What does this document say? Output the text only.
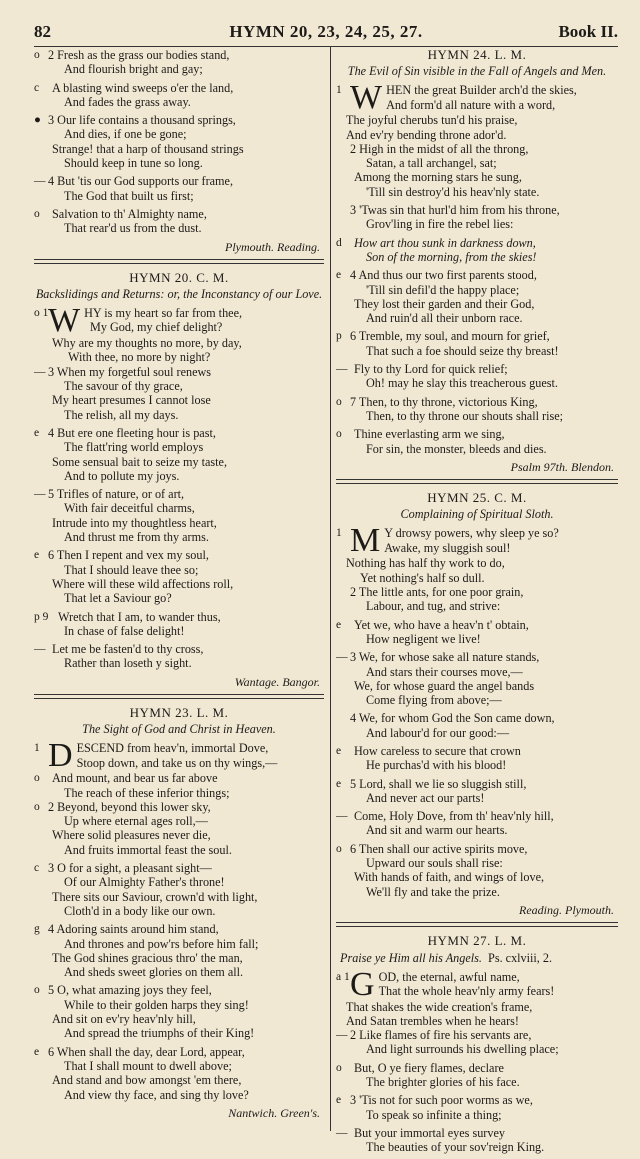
82	HYMN 20, 23, 24, 25, 27.	Book II.
o 2 Fresh as the grass our bodies stand,
And flourish bright and gay;
c A blasting wind sweeps o'er the land,
And fades the grass away.
● 3 Our life contains a thousand springs,
And dies, if one be gone;
Strange! that a harp of thousand strings
Should keep in tune so long.
— 4 But 'tis our God supports our frame,
The God that built us first;
o Salvation to th' Almighty name,
That rear'd us from the dust.
Plymouth. Reading.
HYMN 20. C. M.
Backslidings and Returns: or, the Inconstancy of our Love.
o 1 W HY is my heart so far from thee,
My God, my chief delight?
Why are my thoughts no more, by day,
With thee, no more by night?
— 3 When my forgetful soul renews
The savour of thy grace,
My heart presumes I cannot lose
The relish, all my days.
e 4 But ere one fleeting hour is past,
The flatt'ring world employs
Some sensual bait to seize my taste,
And to pollute my joys.
— 5 Trifles of nature, or of art,
With fair deceitful charms,
Intrude into my thoughtless heart,
And thrust me from thy arms.
e 6 Then I repent and vex my soul,
That I should leave thee so;
Where will these wild affections roll,
That let a Saviour go?
p 9 Wretch that I am, to wander thus,
In chase of false delight!
— Let me be fasten'd to thy cross,
Rather than loseth y sight.
Wantage. Bangor.
HYMN 23. L. M.
The Sight of God and Christ in Heaven.
1 D ESCEND from heav'n, immortal Dove,
Stoop down, and take us on thy wings,—
o And mount, and bear us far above
The reach of these inferior things;
o 2 Beyond, beyond this lower sky,
Up where eternal ages roll,—
Where solid pleasures never die,
And fruits immortal feast the soul.
c 3 O for a sight, a pleasant sight—
Of our Almighty Father's throne!
There sits our Saviour, crown'd with light,
Cloth'd in a body like our own.
g 4 Adoring saints around him stand,
And thrones and pow'rs before him fall;
The God shines gracious thro' the man,
And sheds sweet glories on them all.
o 5 O, what amazing joys they feel,
While to their golden harps they sing!
And sit on ev'ry heav'nly hill,
And spread the triumphs of their King!
e 6 When shall the day, dear Lord, appear,
That I shall mount to dwell above;
And stand and bow amongst 'em there,
And view thy face, and sing thy love?
Nantwich. Green's.
HYMN 24. L. M.
The Evil of Sin visible in the Fall of Angels and Men.
1 W HEN the great Builder arch'd the skies,
And form'd all nature with a word,
The joyful cherubs tun'd his praise,
And ev'ry bending throne ador'd.
2 High in the midst of all the throng,
Satan, a tall archangel, sat;
Among the morning stars he sung,
'Till sin destroy'd his heav'nly state.
3 'Twas sin that hurl'd him from his throne,
Grov'ling in fire the rebel lies:
d How art thou sunk in darkness down,
Son of the morning, from the skies!
e 4 And thus our two first parents stood,
'Till sin defil'd the happy place;
They lost their garden and their God,
And ruin'd all their unborn race.
p 6 Tremble, my soul, and mourn for grief,
That such a foe should seize thy breast!
— Fly to thy Lord for quick relief;
Oh! may he slay this treacherous guest.
o 7 Then, to thy throne, victorious King,
Then, to thy throne our shouts shall rise;
o Thine everlasting arm we sing,
For sin, the monster, bleeds and dies.
Psalm 97th. Blendon.
HYMN 25. C. M.
Complaining of Spiritual Sloth.
1 M Y drowsy powers, why sleep ye so?
Awake, my sluggish soul!
Nothing has half thy work to do,
Yet nothing's half so dull.
2 The little ants, for one poor grain,
Labour, and tug, and strive:
e Yet we, who have a heav'n t' obtain,
How negligent we live!
— 3 We, for whose sake all nature stands,
And stars their courses move,—
We, for whose guard the angel bands
Come flying from above;—
4 We, for whom God the Son came down,
And labour'd for our good:—
e How careless to secure that crown
He purchas'd with his blood!
e 5 Lord, shall we lie so sluggish still,
And never act our parts!
— Come, Holy Dove, from th' heav'nly hill,
And sit and warm our hearts.
o 6 Then shall our active spirits move,
Upward our souls shall rise:
With hands of faith, and wings of love,
We'll fly and take the prize.
Reading. Plymouth.
HYMN 27. L. M.
Praise ye Him all his Angels. Ps. cxlviii, 2.
a 1 G OD, the eternal, awful name,
That the whole heav'nly army fears!
That shakes the wide creation's frame,
And Satan trembles when he hears!
— 2 Like flames of fire his servants are,
And light surrounds his dwelling place;
o But, O ye fiery flames, declare
The brighter glories of his face.
e 3 'Tis not for such poor worms as we,
To speak so infinite a thing;
— But your immortal eyes survey
The beauties of your sov'reign King.
